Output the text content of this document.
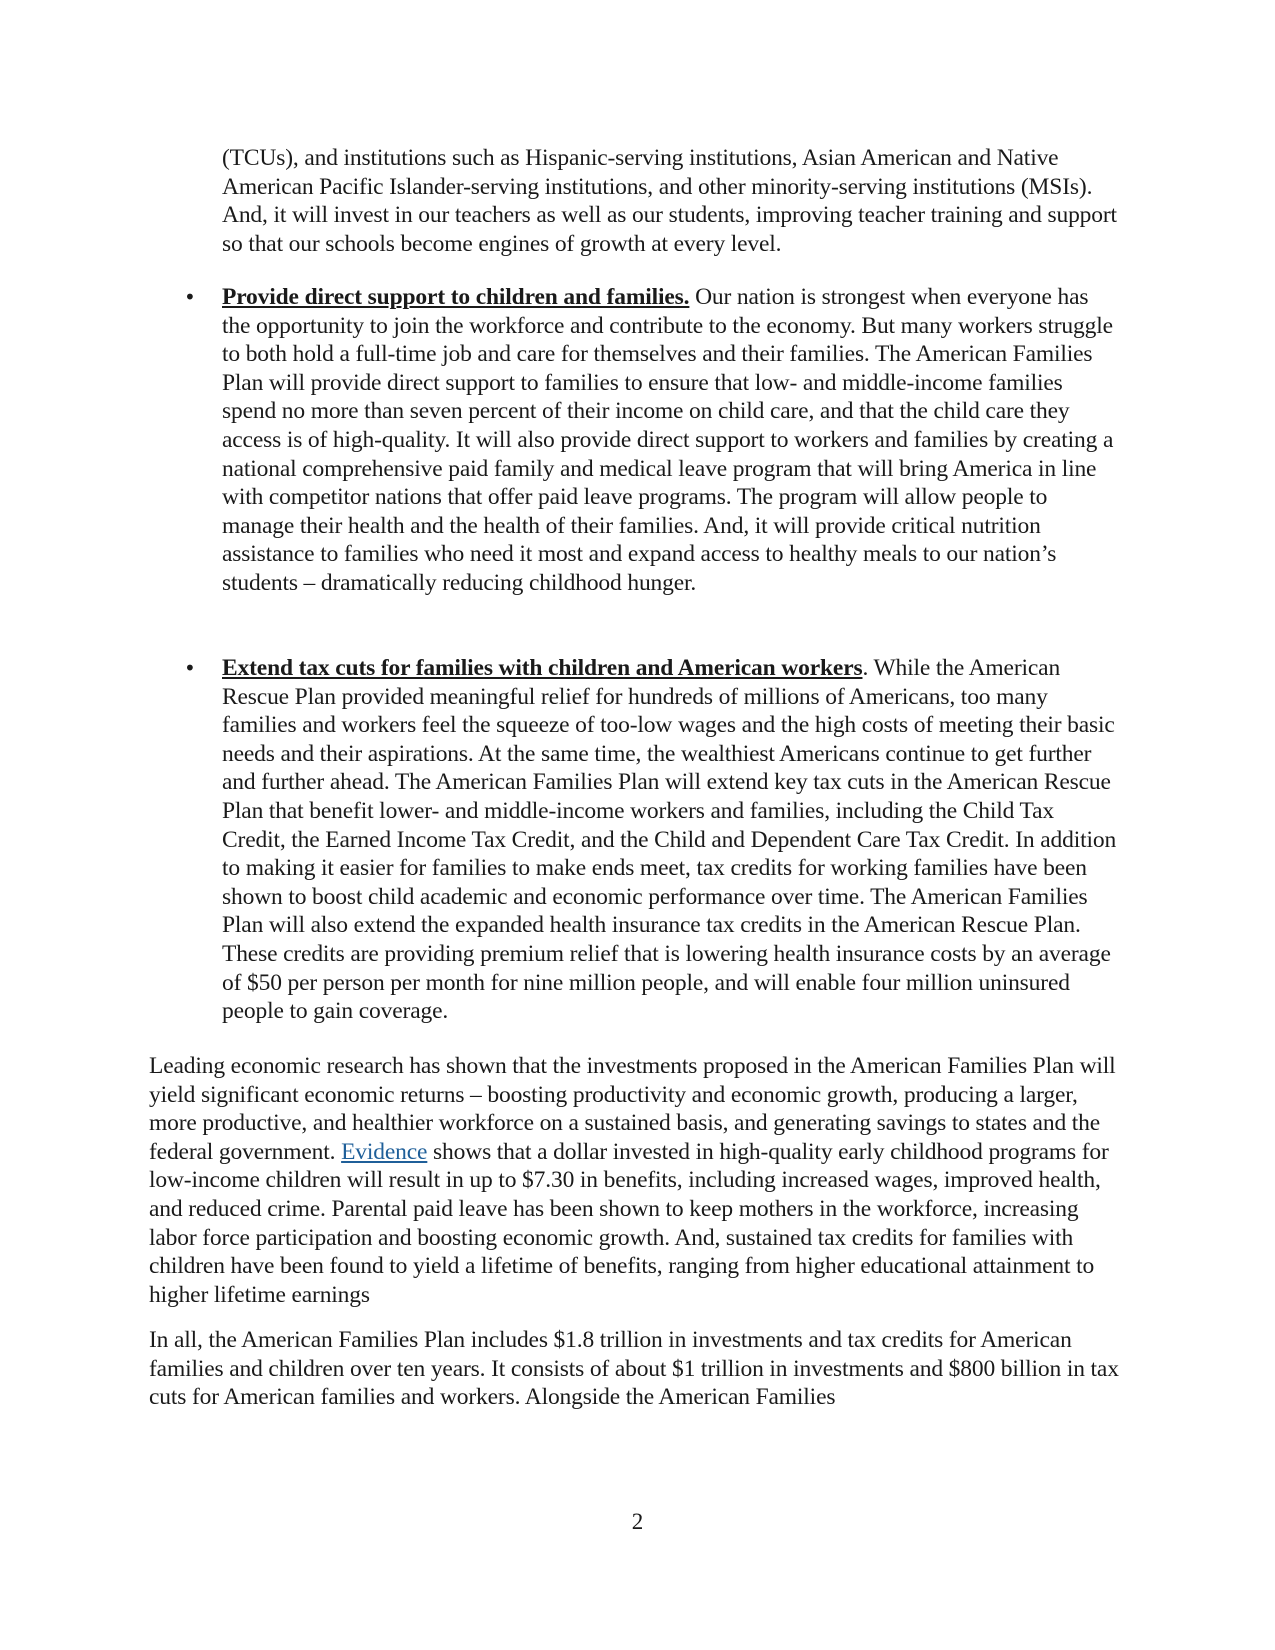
(TCUs), and institutions such as Hispanic-serving institutions, Asian American and Native American Pacific Islander-serving institutions, and other minority-serving institutions (MSIs). And, it will invest in our teachers as well as our students, improving teacher training and support so that our schools become engines of growth at every level.

• Provide direct support to children and families. Our nation is strongest when everyone has the opportunity to join the workforce and contribute to the economy. But many workers struggle to both hold a full-time job and care for themselves and their families. The American Families Plan will provide direct support to families to ensure that low- and middle-income families spend no more than seven percent of their income on child care, and that the child care they access is of high-quality. It will also provide direct support to workers and families by creating a national comprehensive paid family and medical leave program that will bring America in line with competitor nations that offer paid leave programs. The program will allow people to manage their health and the health of their families. And, it will provide critical nutrition assistance to families who need it most and expand access to healthy meals to our nation’s students – dramatically reducing childhood hunger.

• Extend tax cuts for families with children and American workers. While the American Rescue Plan provided meaningful relief for hundreds of millions of Americans, too many families and workers feel the squeeze of too-low wages and the high costs of meeting their basic needs and their aspirations. At the same time, the wealthiest Americans continue to get further and further ahead. The American Families Plan will extend key tax cuts in the American Rescue Plan that benefit lower- and middle-income workers and families, including the Child Tax Credit, the Earned Income Tax Credit, and the Child and Dependent Care Tax Credit. In addition to making it easier for families to make ends meet, tax credits for working families have been shown to boost child academic and economic performance over time. The American Families Plan will also extend the expanded health insurance tax credits in the American Rescue Plan. These credits are providing premium relief that is lowering health insurance costs by an average of $50 per person per month for nine million people, and will enable four million uninsured people to gain coverage.

Leading economic research has shown that the investments proposed in the American Families Plan will yield significant economic returns – boosting productivity and economic growth, producing a larger, more productive, and healthier workforce on a sustained basis, and generating savings to states and the federal government. Evidence shows that a dollar invested in high-quality early childhood programs for low-income children will result in up to $7.30 in benefits, including increased wages, improved health, and reduced crime. Parental paid leave has been shown to keep mothers in the workforce, increasing labor force participation and boosting economic growth. And, sustained tax credits for families with children have been found to yield a lifetime of benefits, ranging from higher educational attainment to higher lifetime earnings

In all, the American Families Plan includes $1.8 trillion in investments and tax credits for American families and children over ten years. It consists of about $1 trillion in investments and $800 billion in tax cuts for American families and workers. Alongside the American Families

2
